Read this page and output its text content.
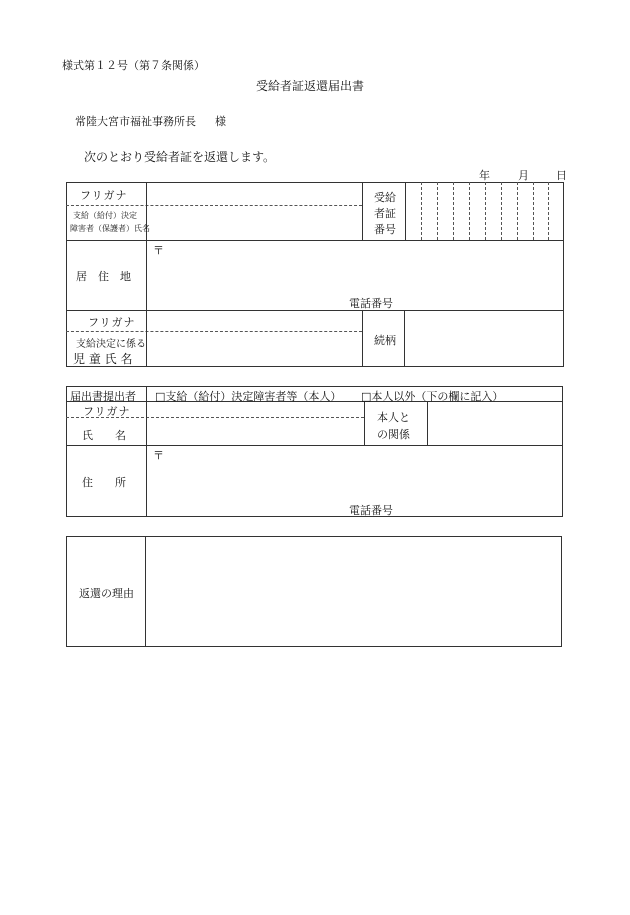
様式第１２号（第７条関係）
受給者証返還届出書
常陸大宮市福祉事務所長 様
次のとおり受給者証を返還します。
年	月 日
フリガナ
支給（給付）決定
障害者（保護者）氏名
受給
者証
番号
〒
居　住　地
電話番号
フリガナ
支給決定に係る
児 童 氏 名
続柄
届出書提出者 □支給（給付）決定障害者等（本人） □本人以外（下の欄に記入）
フリガナ
氏　　名
本人と
の関係
〒
住　　所
電話番号
返還の理由
